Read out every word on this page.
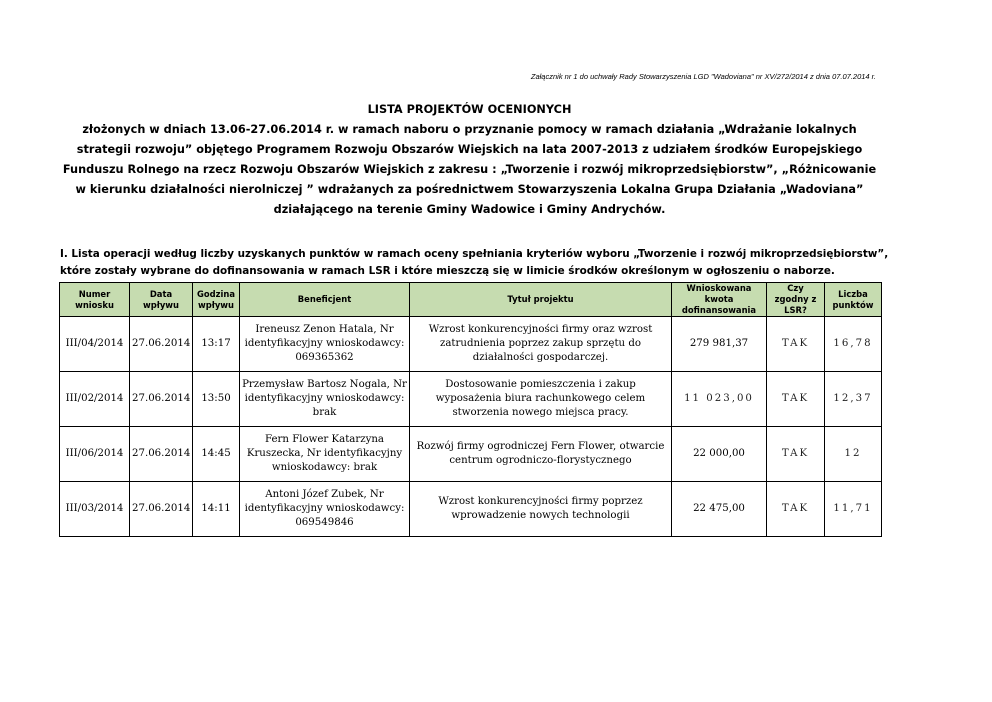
Załącznik nr 1 do uchwały Rady Stowarzyszenia LGD "Wadoviana" nr XV/272/2014 z dnia 07.07.2014 r.
LISTA PROJEKTÓW OCENIONYCH
złożonych w dniach 13.06-27.06.2014 r. w ramach naboru o przyznanie pomocy w ramach działania „Wdrażanie lokalnych strategii rozwoju” objętego Programem Rozwoju Obszarów Wiejskich na lata 2007-2013 z udziałem środków Europejskiego Funduszu Rolnego na rzecz Rozwoju Obszarów Wiejskich z zakresu : „Tworzenie i rozwój mikroprzedsiębiorstw”, „Różnicowanie w kierunku działalności nierolniczej ” wdrażanych za pośrednictwem Stowarzyszenia Lokalna Grupa Działania „Wadoviana” działającego na terenie Gminy Wadowice i Gminy Andrychów.
I. Lista operacji według liczby uzyskanych punktów w ramach oceny spełniania kryteriów wyboru „Tworzenie i rozwój mikroprzedsiębiorstw”, które zostały wybrane do dofinansowania w ramach LSR i które mieszczą się w limicie środków określonym w ogłoszeniu o naborze.
Numer wniosku	Data wpływu	Godzina wpływu	Beneficjent	Tytuł projektu	Wnioskowana kwota dofinansowania	Czy zgodny z LSR?	Liczba punktów
III/04/2014	27.06.2014	13:17	Ireneusz Zenon Hatala, Nr identyfikacyjny wnioskodawcy: 069365362	Wzrost konkurencyjności firmy oraz wzrost zatrudnienia poprzez zakup sprzętu do działalności gospodarczej.	279 981,37	TAK	16,78
III/02/2014	27.06.2014	13:50	Przemysław Bartosz Nogala, Nr identyfikacyjny wnioskodawcy: brak	Dostosowanie pomieszczenia i zakup wyposażenia biura rachunkowego celem stworzenia nowego miejsca pracy.	11 023,00	TAK	12,37
III/06/2014	27.06.2014	14:45	Fern Flower Katarzyna Kruszecka, Nr identyfikacyjny wnioskodawcy: brak	Rozwój firmy ogrodniczej Fern Flower, otwarcie centrum ogrodniczo-florystycznego	22 000,00	TAK	12
III/03/2014	27.06.2014	14:11	Antoni Józef Zubek, Nr identyfikacyjny wnioskodawcy: 069549846	Wzrost konkurencyjności firmy poprzez wprowadzenie nowych technologii	22 475,00	TAK	11,71
